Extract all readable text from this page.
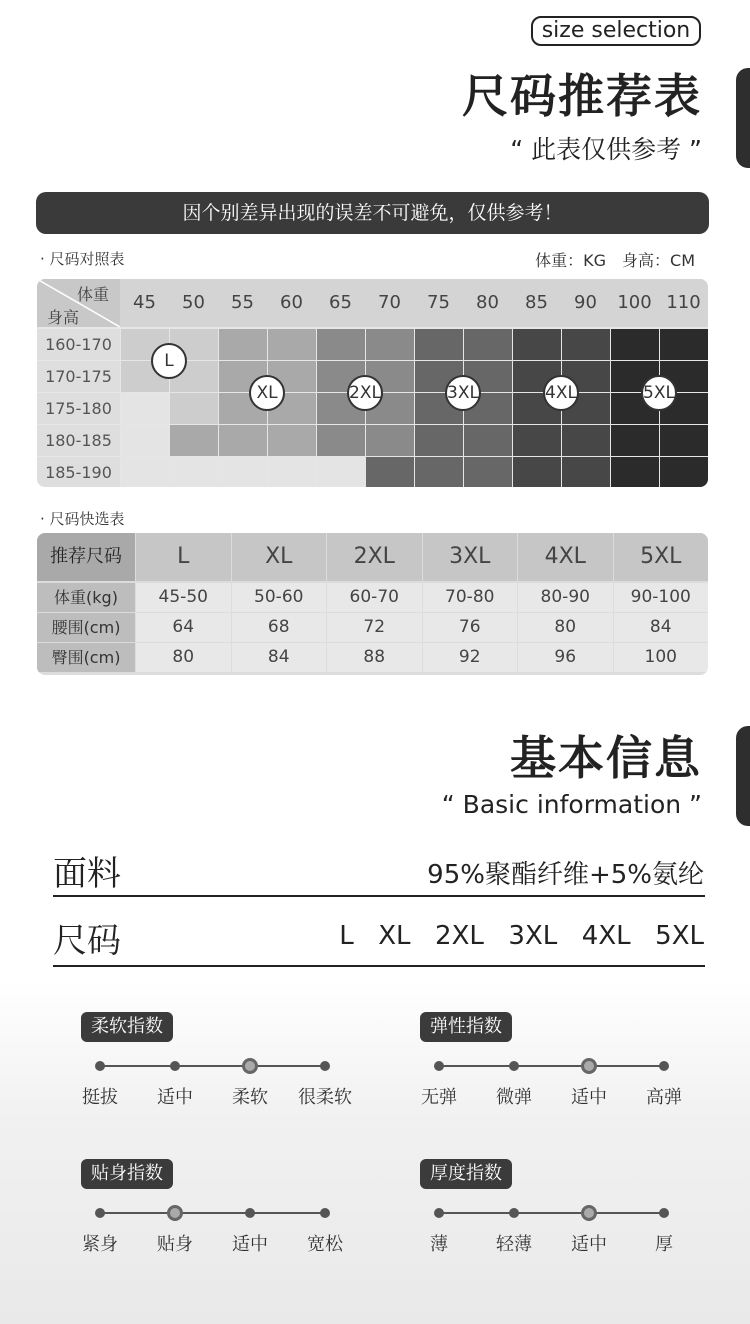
size selection
尺码推荐表
“ 此表仅供参考 ”
因个别差异出现的误差不可避免，仅供参考！
· 尺码对照表	体重：KG　身高：CM
体重
身高
45	50	55	60	65	70	75	80	85	90	100 110
160-170
170-175
175-180
180-185
185-190
L
XL	2XL	3XL	4XL	5XL
· 尺码快选表
推荐尺码	L	XL	2XL	3XL	4XL	5XL
体重(kg)	45-50	50-60	60-70	70-80	80-90	90-100
腰围(cm)	64	68	72	76	80	84
臀围(cm)	80	84	88	92	96	100
基本信息
“ Basic information ”
面料	95%聚酯纤维+5%氨纶
尺码	L  XL  2XL  3XL  4XL  5XL
柔软指数
挺拔	适中	柔软	很柔软
弹性指数
无弹	微弹	适中	高弹
贴身指数
紧身	贴身	适中	宽松
厚度指数
薄	轻薄	适中	厚
